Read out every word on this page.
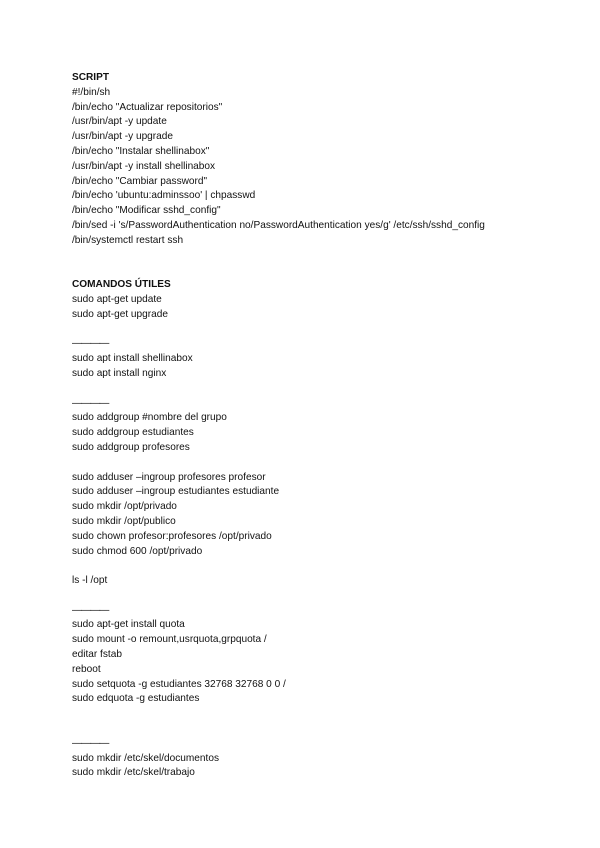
SCRIPT
#!/bin/sh
/bin/echo "Actualizar repositorios"
/usr/bin/apt -y update
/usr/bin/apt -y upgrade
/bin/echo "Instalar shellinabox"
/usr/bin/apt -y install shellinabox
/bin/echo "Cambiar password"
/bin/echo 'ubuntu:adminssoo' | chpasswd
/bin/echo "Modificar sshd_config"
/bin/sed -i 's/PasswordAuthentication no/PasswordAuthentication yes/g' /etc/ssh/sshd_config
/bin/systemctl restart ssh
COMANDOS ÚTILES
sudo apt-get update
sudo apt-get upgrade
————
sudo apt install shellinabox
sudo apt install nginx
————
sudo addgroup #nombre del grupo
sudo addgroup estudiantes
sudo addgroup profesores
sudo adduser –ingroup profesores profesor
sudo adduser –ingroup estudiantes estudiante
sudo mkdir /opt/privado
sudo mkdir /opt/publico
sudo chown profesor:profesores /opt/privado
sudo chmod 600 /opt/privado
ls -l /opt
————
sudo apt-get install quota
sudo mount -o remount,usrquota,grpquota /
editar fstab
reboot
sudo setquota -g estudiantes 32768 32768 0 0 /
sudo edquota -g estudiantes
————
sudo mkdir /etc/skel/documentos
sudo mkdir /etc/skel/trabajo
